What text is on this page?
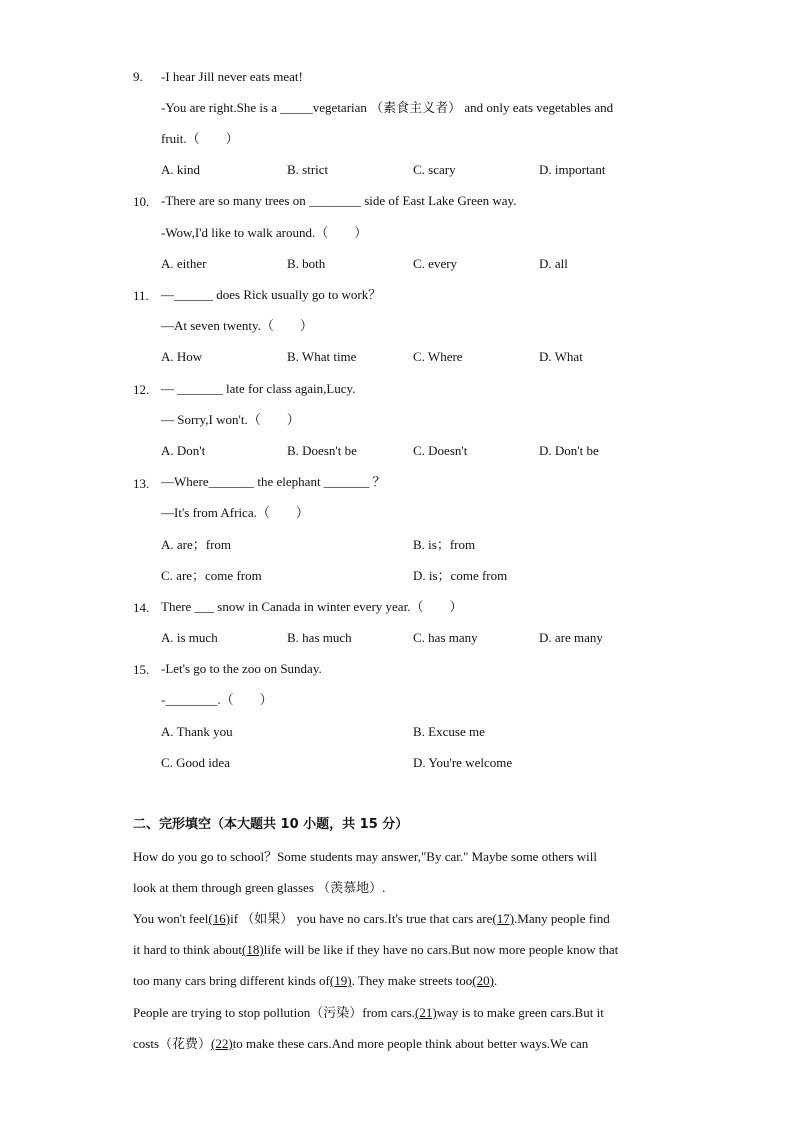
9. -I hear Jill never eats meat!
-You are right.She is a _____vegetarian （素食主义者） and only eats vegetables and
fruit.（　　）
A. kind	B. strict	C. scary	D. important
10. -There are so many trees on ________ side of East Lake Green way.
-Wow,I'd like to walk around.（　　）
A. either	B. both	C. every	D. all
11. —______ does Rick usually go to work？
—At seven twenty.（　　）
A. How	B. What time	C. Where	D. What
12. — _______ late for class again,Lucy.
— Sorry,I won't.（　　）
A. Don't	B. Doesn't be	C. Doesn't	D. Don't be
13. —Where_______ the elephant _______ ？
—It's from Africa.（　　）
A. are；from	B. is；from
C. are；come from	D. is；come from
14. There ___ snow in Canada in winter every year.（　　）
A. is much	B. has much	C. has many	D. are many
15. -Let's go to the zoo on Sunday.
-________.（　　）
A. Thank you	B. Excuse me
C. Good idea	D. You're welcome
二、完形填空（本大题共 10 小题，共 15 分）
How do you go to school？Some students may answer,"By car." Maybe some others will
look at them through green glasses （羡慕地）.
You won't feel(16)if （如果） you have no cars.It's true that cars are(17).Many people find
it hard to think about(18)life will be like if they have no cars.But now more people know that
too many cars bring different kinds of(19). They make streets too(20).
People are trying to stop pollution（污染）from cars.(21)way is to make green cars.But it
costs（花费）(22)to make these cars.And more people think about better ways.We can
